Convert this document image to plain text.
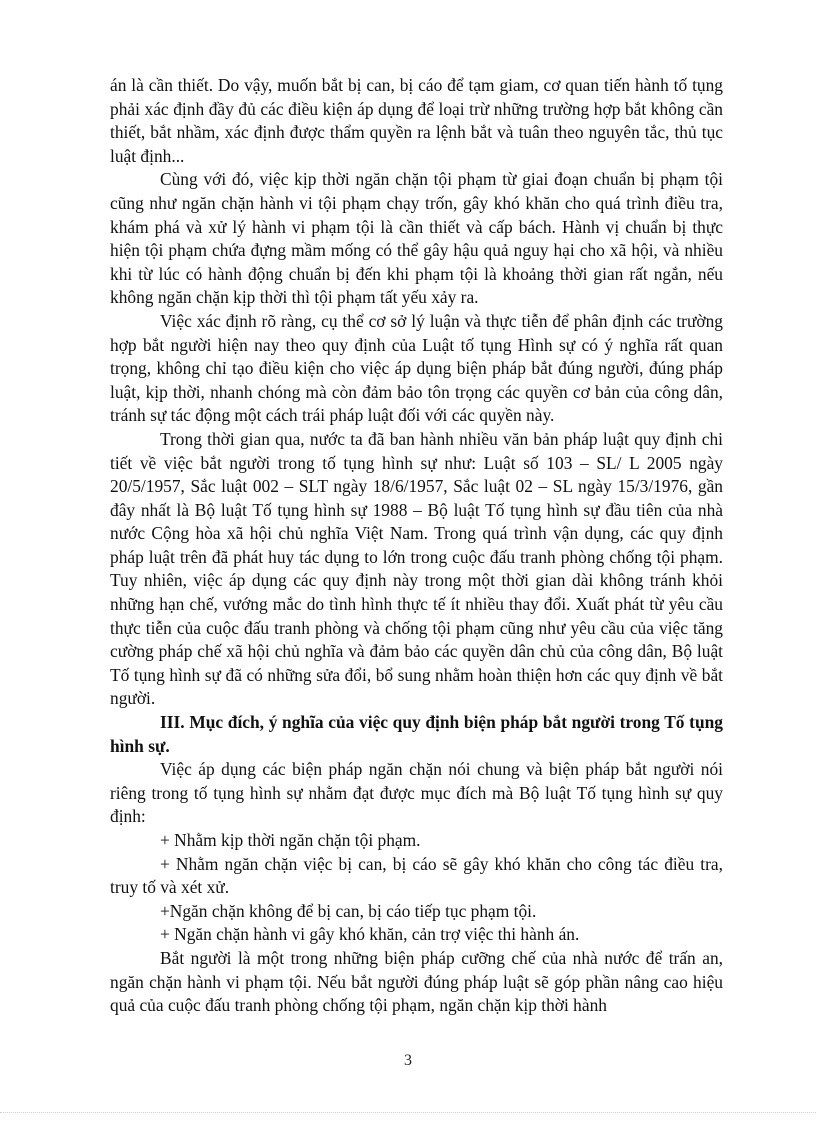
án là cần thiết. Do vậy, muốn bắt bị can, bị cáo để tạm giam, cơ quan tiến hành tố tụng phải xác định đầy đủ các điều kiện áp dụng để loại trừ những trường hợp bắt không cần thiết, bắt nhầm, xác định được thẩm quyền ra lệnh bắt và tuân theo nguyên tắc, thủ tục luật định...

Cùng với đó, việc kịp thời ngăn chặn tội phạm từ giai đoạn chuẩn bị phạm tội cũng như ngăn chặn hành vi tội phạm chạy trốn, gây khó khăn cho quá trình điều tra, khám phá và xử lý hành vi phạm tội là cần thiết và cấp bách. Hành vị chuẩn bị thực hiện tội phạm chứa đựng mầm mống có thể gây hậu quả nguy hại cho xã hội, và nhiều khi từ lúc có hành động chuẩn bị đến khi phạm tội là khoảng thời gian rất ngắn, nếu không ngăn chặn kịp thời thì tội phạm tất yếu xảy ra.

Việc xác định rõ ràng, cụ thể cơ sở lý luận và thực tiễn để phân định các trường hợp bắt người hiện nay theo quy định của Luật tố tụng Hình sự có ý nghĩa rất quan trọng, không chỉ tạo điều kiện cho việc áp dụng biện pháp bắt đúng người, đúng pháp luật, kịp thời, nhanh chóng mà còn đảm bảo tôn trọng các quyền cơ bản của công dân, tránh sự tác động một cách trái pháp luật đối với các quyền này.

Trong thời gian qua, nước ta đã ban hành nhiều văn bản pháp luật quy định chi tiết về việc bắt người trong tố tụng hình sự như: Luật số 103 – SL/ L 2005 ngày 20/5/1957, Sắc luật 002 – SLT ngày 18/6/1957, Sắc luật 02 – SL ngày 15/3/1976, gần đây nhất là Bộ luật Tố tụng hình sự 1988 – Bộ luật Tố tụng hình sự đầu tiên của nhà nước Cộng hòa xã hội chủ nghĩa Việt Nam. Trong quá trình vận dụng, các quy định pháp luật trên đã phát huy tác dụng to lớn trong cuộc đấu tranh phòng chống tội phạm. Tuy nhiên, việc áp dụng các quy định này trong một thời gian dài không tránh khỏi những hạn chế, vướng mắc do tình hình thực tế ít nhiều thay đổi. Xuất phát từ yêu cầu thực tiễn của cuộc đấu tranh phòng và chống tội phạm cũng như yêu cầu của việc tăng cường pháp chế xã hội chủ nghĩa và đảm bảo các quyền dân chủ của công dân, Bộ luật Tố tụng hình sự đã có những sửa đổi, bổ sung nhằm hoàn thiện hơn các quy định về bắt người.

III. Mục đích, ý nghĩa của việc quy định biện pháp bắt người trong Tố tụng hình sự.

Việc áp dụng các biện pháp ngăn chặn nói chung và biện pháp bắt người nói riêng trong tố tụng hình sự nhằm đạt được mục đích mà Bộ luật Tố tụng hình sự quy định:

+ Nhằm kịp thời ngăn chặn tội phạm.

+ Nhằm ngăn chặn việc bị can, bị cáo sẽ gây khó khăn cho công tác điều tra, truy tố và xét xử.

+Ngăn chặn không để bị can, bị cáo tiếp tục phạm tội.

+ Ngăn chặn hành vi gây khó khăn, cản trợ việc thi hành án.

Bắt người là một trong những biện pháp cưỡng chế của nhà nước để trấn an, ngăn chặn hành vi phạm tội. Nếu bắt người đúng pháp luật sẽ góp phần nâng cao hiệu quả của cuộc đấu tranh phòng chống tội phạm, ngăn chặn kịp thời hành

3
